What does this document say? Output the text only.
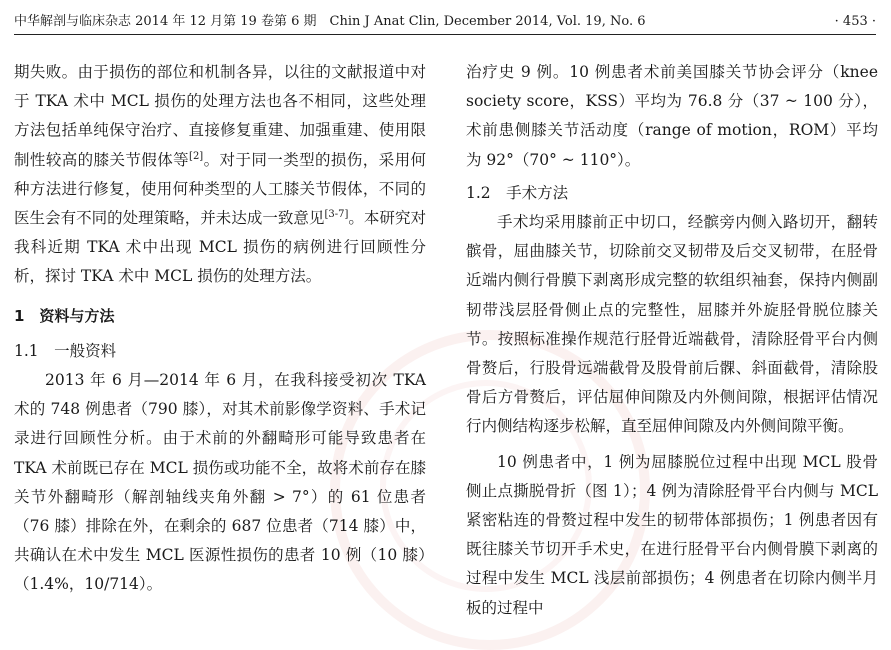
中华解剖与临床杂志 2014 年 12 月第 19 卷第 6 期　Chin J Anat Clin, December 2014, Vol. 19, No. 6	· 453 ·

期失败。由于损伤的部位和机制各异，以往的文献报道中对于 TKA 术中 MCL 损伤的处理方法也各不相同，这些处理方法包括单纯保守治疗、直接修复重建、加强重建、使用限制性较高的膝关节假体等[2]。对于同一类型的损伤，采用何种方法进行修复，使用何种类型的人工膝关节假体，不同的医生会有不同的处理策略，并未达成一致意见[3-7]。本研究对我科近期 TKA 术中出现 MCL 损伤的病例进行回顾性分析，探讨 TKA 术中 MCL 损伤的处理方法。

1　资料与方法

1.1　一般资料

2013 年 6 月—2014 年 6 月，在我科接受初次 TKA 术的 748 例患者（790 膝），对其术前影像学资料、手术记录进行回顾性分析。由于术前的外翻畸形可能导致患者在 TKA 术前既已存在 MCL 损伤或功能不全，故将术前存在膝关节外翻畸形（解剖轴线夹角外翻 > 7°）的 61 位患者（76 膝）排除在外，在剩余的 687 位患者（714 膝）中，共确认在术中发生 MCL 医源性损伤的患者 10 例（10 膝）（1.4%，10/714）。

治疗史 9 例。10 例患者术前美国膝关节协会评分（knee society score，KSS）平均为 76.8 分（37 ~ 100 分），术前患侧膝关节活动度（range of motion，ROM）平均为 92°（70° ~ 110°）。

1.2　手术方法

手术均采用膝前正中切口，经髌旁内侧入路切开，翻转髌骨，屈曲膝关节，切除前交叉韧带及后交叉韧带，在胫骨近端内侧行骨膜下剥离形成完整的软组织袖套，保持内侧副韧带浅层胫骨侧止点的完整性，屈膝并外旋胫骨脱位膝关节。按照标准操作规范行胫骨近端截骨，清除胫骨平台内侧骨赘后，行股骨远端截骨及股骨前后髁、斜面截骨，清除股骨后方骨赘后，评估屈伸间隙及内外侧间隙，根据评估情况行内侧结构逐步松解，直至屈伸间隙及内外侧间隙平衡。

10 例患者中，1 例为屈膝脱位过程中出现 MCL 股骨侧止点撕脱骨折（图 1）；4 例为清除胫骨平台内侧与 MCL 紧密粘连的骨赘过程中发生的韧带体部损伤；1 例患者因有既往膝关节切开手术史，在进行胫骨平台内侧骨膜下剥离的过程中发生 MCL 浅层前部损伤；4 例患者在切除内侧半月板的过程中
